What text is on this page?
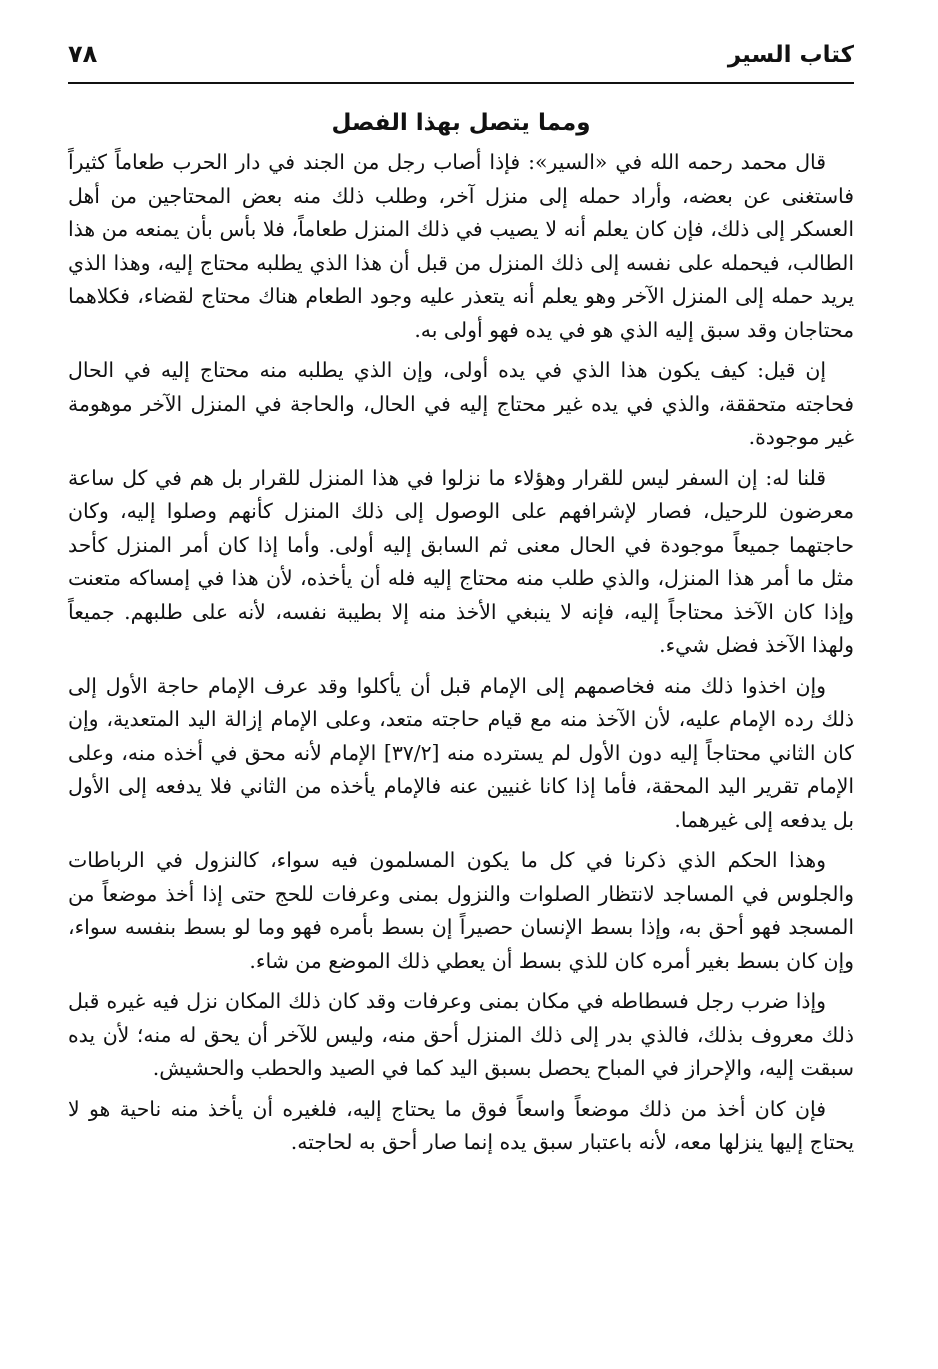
كتاب السير
٧٨
ومما يتصل بهذا الفصل

قال محمد رحمه الله في «السير»: فإذا أصاب رجل من الجند في دار الحرب طعاماً كثيراً فاستغنى عن بعضه، وأراد حمله إلى منزل آخر، وطلب ذلك منه بعض المحتاجين من أهل العسكر إلى ذلك، فإن كان يعلم أنه لا يصيب في ذلك المنزل طعاماً، فلا بأس بأن يمنعه من هذا الطالب، فيحمله على نفسه إلى ذلك المنزل من قبل أن هذا الذي يطلبه محتاج إليه، وهذا الذي يريد حمله إلى المنزل الآخر وهو يعلم أنه يتعذر عليه وجود الطعام هناك محتاج لقضاء، فكلاهما محتاجان وقد سبق إليه الذي هو في يده فهو أولى به.

إن قيل: كيف يكون هذا الذي في يده أولى، وإن الذي يطلبه منه محتاج إليه في الحال فحاجته متحققة، والذي في يده غير محتاج إليه في الحال، والحاجة في المنزل الآخر موهومة غير موجودة.

قلنا له: إن السفر ليس للقرار وهؤلاء ما نزلوا في هذا المنزل للقرار بل هم في كل ساعة معرضون للرحيل، فصار لإشرافهم على الوصول إلى ذلك المنزل كأنهم وصلوا إليه، وكان حاجتهما جميعاً موجودة في الحال معنى ثم السابق إليه أولى. وأما إذا كان أمر المنزل كأحد مثل ما أمر هذا المنزل، والذي طلب منه محتاج إليه فله أن يأخذه، لأن هذا في إمساكه متعنت وإذا كان الآخذ محتاجاً إليه، فإنه لا ينبغي الأخذ منه إلا بطيبة نفسه، لأنه على طلبهم. جميعاً ولهذا الآخذ فضل شيء.

وإن اخذوا ذلك منه فخاصمهم إلى الإمام قبل أن يأكلوا وقد عرف الإمام حاجة الأول إلى ذلك رده الإمام عليه، لأن الآخذ منه مع قيام حاجته متعد، وعلى الإمام إزالة اليد المتعدية، وإن كان الثاني محتاجاً إليه دون الأول لم يسترده منه [٣٧/٢] الإمام لأنه محق في أخذه منه، وعلى الإمام تقرير اليد المحقة، فأما إذا كانا غنيين عنه فالإمام يأخذه من الثاني فلا يدفعه إلى الأول بل يدفعه إلى غيرهما.

وهذا الحكم الذي ذكرنا في كل ما يكون المسلمون فيه سواء، كالنزول في الرباطات والجلوس في المساجد لانتظار الصلوات والنزول بمنى وعرفات للحج حتى إذا أخذ موضعاً من المسجد فهو أحق به، وإذا بسط الإنسان حصيراً إن بسط بأمره فهو وما لو بسط بنفسه سواء، وإن كان بسط بغير أمره كان للذي بسط أن يعطي ذلك الموضع من شاء.

وإذا ضرب رجل فسطاطه في مكان بمنى وعرفات وقد كان ذلك المكان نزل فيه غيره قبل ذلك معروف بذلك، فالذي بدر إلى ذلك المنزل أحق منه، وليس للآخر أن يحق له منه؛ لأن يده سبقت إليه، والإحراز في المباح يحصل بسبق اليد كما في الصيد والحطب والحشيش.

فإن كان أخذ من ذلك موضعاً واسعاً فوق ما يحتاج إليه، فلغيره أن يأخذ منه ناحية هو لا يحتاج إليها ينزلها معه، لأنه باعتبار سبق يده إنما صار أحق به لحاجته.
